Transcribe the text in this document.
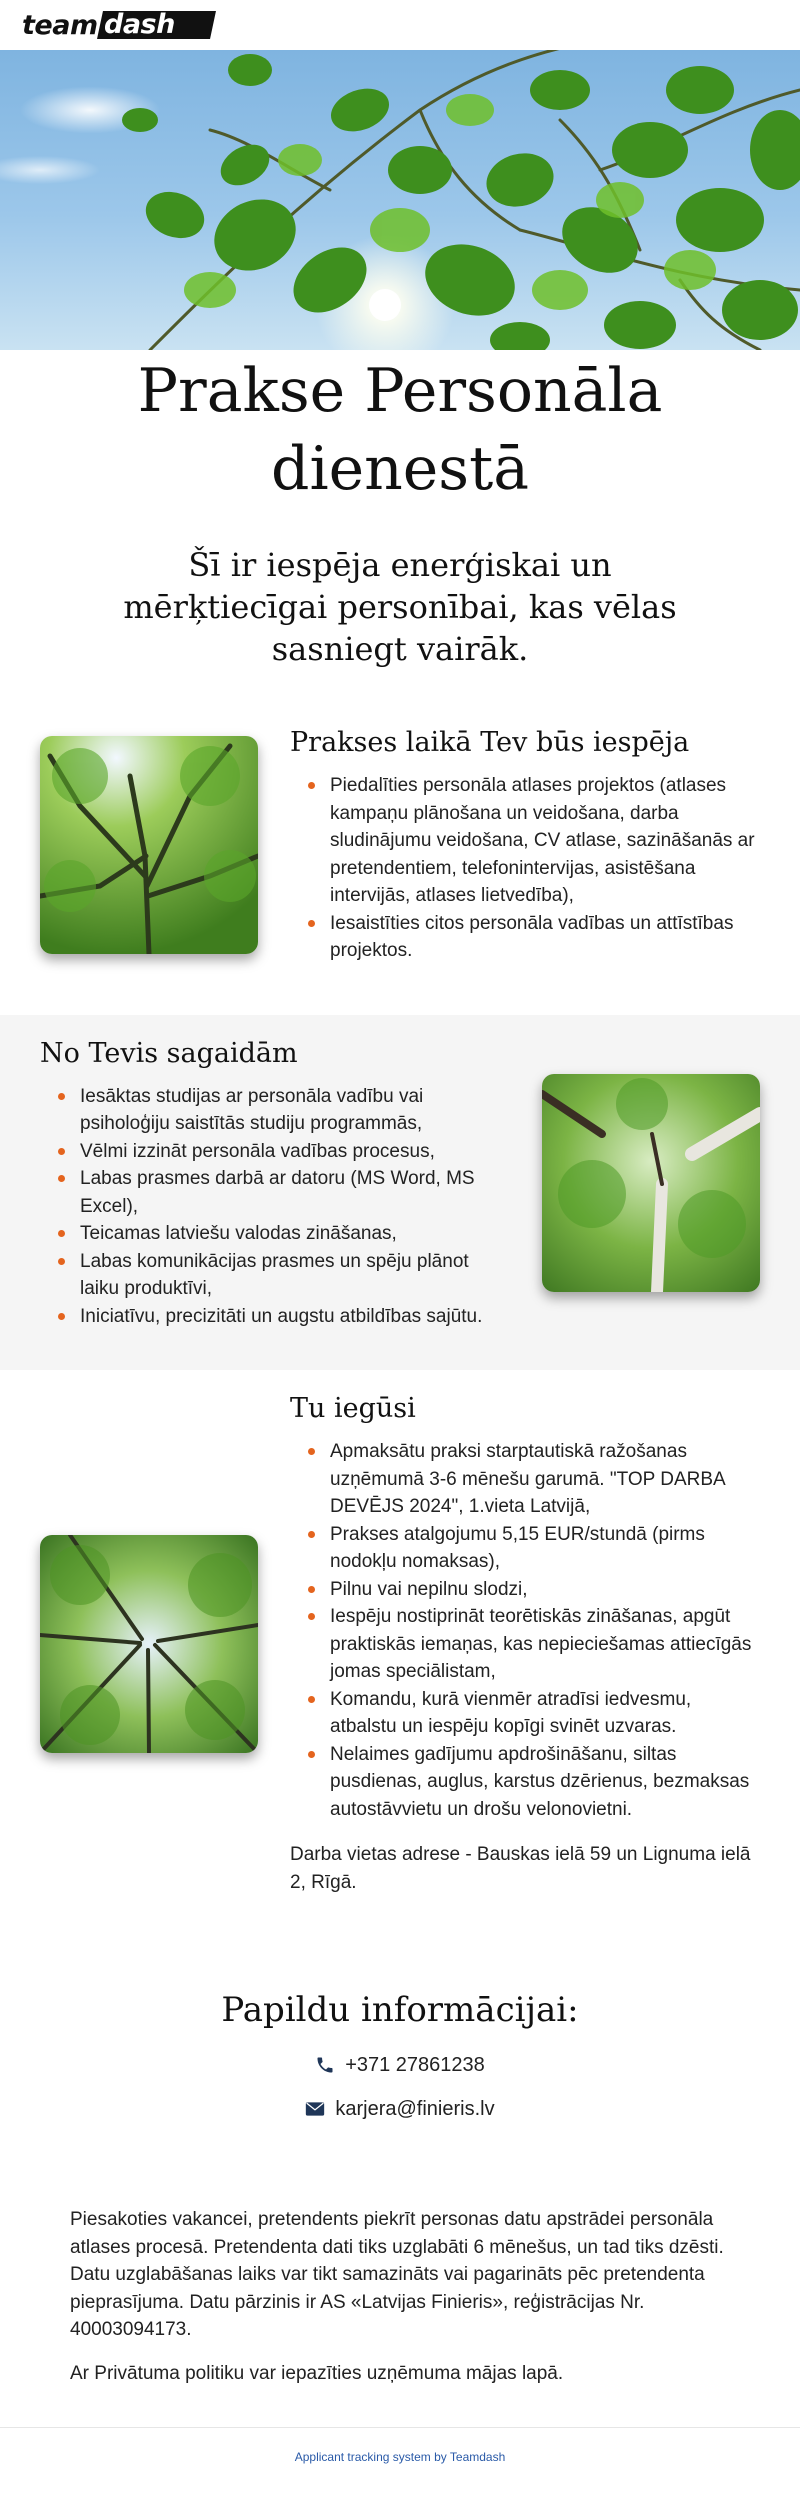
team dash
Prakse Personāla dienestā

Šī ir iespēja enerģiskai un mērķtiecīgai personībai, kas vēlas sasniegt vairāk.

Prakses laikā Tev būs iespēja
Piedalīties personāla atlases projektos (atlases kampaņu plānošana un veidošana, darba sludinājumu veidošana, CV atlase, sazināšanās ar pretendentiem, telefonintervijas, asistēšana intervijās, atlases lietvedība),
Iesaistīties citos personāla vadības un attīstības projektos.
No Tevis sagaidām
Iesāktas studijas ar personāla vadību vai psiholoģiju saistītās studiju programmās,
Vēlmi izzināt personāla vadības procesus,
Labas prasmes darbā ar datoru (MS Word, MS Excel),
Teicamas latviešu valodas zināšanas,
Labas komunikācijas prasmes un spēju plānot laiku produktīvi,
Iniciatīvu, precizitāti un augstu atbildības sajūtu.
Tu iegūsi
Apmaksātu praksi starptautiskā ražošanas uzņēmumā 3-6 mēnešu garumā. "TOP DARBA DEVĒJS 2024", 1.vieta Latvijā,
Prakses atalgojumu 5,15 EUR/stundā (pirms nodokļu nomaksas),
Pilnu vai nepilnu slodzi,
Iespēju nostiprināt teorētiskās zināšanas, apgūt praktiskās iemaņas, kas nepieciešamas attiecīgās jomas speciālistam,
Komandu, kurā vienmēr atradīsi iedvesmu, atbalstu un iespēju kopīgi svinēt uzvaras.
Nelaimes gadījumu apdrošināšanu, siltas pusdienas, auglus, karstus dzērienus, bezmaksas autostāvvietu un drošu velonovietni.

Darba vietas adrese - Bauskas ielā 59 un Lignuma ielā 2, Rīgā.

Papildu informācijai:
+371 27861238
karjera@finieris.lv

Piesakoties vakancei, pretendents piekrīt personas datu apstrādei personāla atlases procesā. Pretendenta dati tiks uzglabāti 6 mēnešus, un tad tiks dzēsti.
Datu uzglabāšanas laiks var tikt samazināts vai pagarināts pēc pretendenta pieprasījuma. Datu pārzinis ir AS «Latvijas Finieris», reģistrācijas Nr. 40003094173.

Ar Privātuma politiku var iepazīties uzņēmuma mājas lapā.

Applicant tracking system by Teamdash
